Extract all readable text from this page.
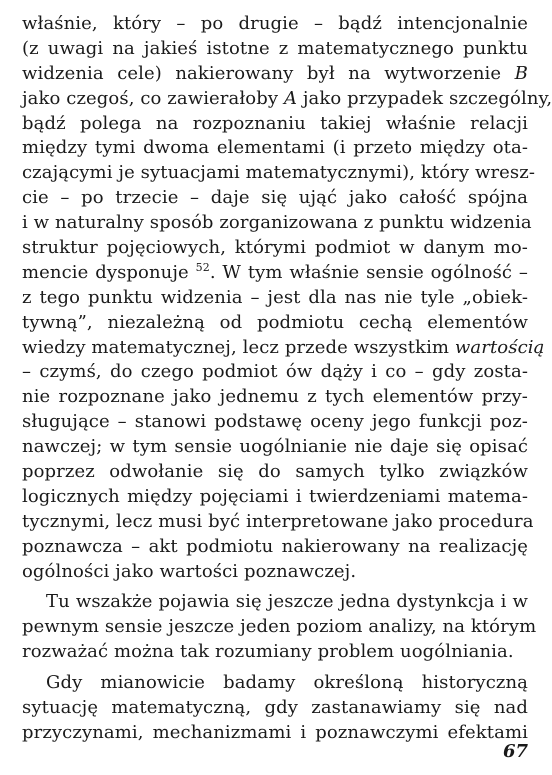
właśnie, który – po drugie – bądź intencjonalnie
(z uwagi na jakieś istotne z matematycznego punktu
widzenia cele) nakierowany był na wytworzenie B
jako czegoś, co zawierałoby A jako przypadek szczególny,
bądź polega na rozpoznaniu takiej właśnie relacji
między tymi dwoma elementami (i przeto między ota-
czającymi je sytuacjami matematycznymi), który wresz-
cie – po trzecie – daje się ująć jako całość spójna
i w naturalny sposób zorganizowana z punktu widzenia
struktur pojęciowych, którymi podmiot w danym mo-
mencie dysponuje $^{52}$. W tym właśnie sensie ogólność –
z tego punktu widzenia – jest dla nas nie tyle „obiek-
tywną”, niezależną od podmiotu cechą elementów
wiedzy matematycznej, lecz przede wszystkim wartością
– czymś, do czego podmiot ów dąży i co – gdy zosta-
nie rozpoznane jako jednemu z tych elementów przy-
sługujące – stanowi podstawę oceny jego funkcji poz-
nawczej; w tym sensie uogólnianie nie daje się opisać
poprzez odwołanie się do samych tylko związków
logicznych między pojęciami i twierdzeniami matema-
tycznymi, lecz musi być interpretowane jako procedura
poznawcza – akt podmiotu nakierowany na realizację
ogólności jako wartości poznawczej.
Tu wszakże pojawia się jeszcze jedna dystynkcja i w
pewnym sensie jeszcze jeden poziom analizy, na którym
rozważać można tak rozumiany problem uogólniania.
Gdy mianowicie badamy określoną historyczną
sytuację matematyczną, gdy zastanawiamy się nad
przyczynami, mechanizmami i poznawczymi efektami
67
